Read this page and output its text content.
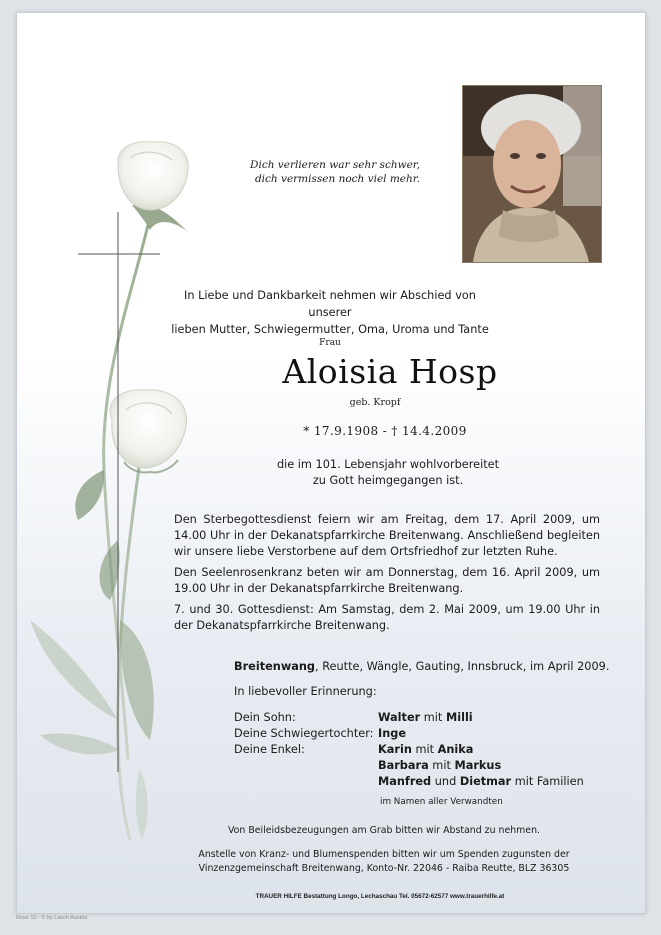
Dich verlieren war sehr schwer,
dich vermissen noch viel mehr.
In Liebe und Dankbarkeit nehmen wir Abschied von unserer
lieben Mutter, Schwiegermutter, Oma, Uroma und Tante
Frau
Aloisia Hosp
geb. Kropf
* 17.9.1908 - † 14.4.2009
die im 101. Lebensjahr wohlvorbereitet
zu Gott heimgegangen ist.
Den Sterbegottesdienst feiern wir am Freitag, dem 17. April 2009, um 14.00 Uhr in der Dekanatspfarrkirche Breitenwang. Anschließend begleiten wir unsere liebe Verstorbene auf dem Ortsfriedhof zur letzten Ruhe.
Den Seelenrosenkranz beten wir am Donnerstag, dem 16. April 2009, um 19.00 Uhr in der Dekanatspfarrkirche Breitenwang.
7. und 30. Gottesdienst: Am Samstag, dem 2. Mai 2009, um 19.00 Uhr in der Dekanatspfarrkirche Breitenwang.
Breitenwang, Reutte, Wängle, Gauting, Innsbruck, im April 2009.
In liebevoller Erinnerung:
Dein Sohn:	Walter mit Milli
Deine Schwiegertochter: Inge
Deine Enkel:	Karin mit Anika
Barbara mit Markus
Manfred und Dietmar mit Familien
im Namen aller Verwandten
Von Beileidsbezeugungen am Grab bitten wir Abstand zu nehmen.
Anstelle von Kranz- und Blumenspenden bitten wir um Spenden zugunsten der
Vinzenzgemeinschaft Breitenwang, Konto-Nr. 22046 - Raiba Reutte, BLZ 36305
TRAUER HILFE Bestattung Longo, Lechaschau Tel. 05672-62577 www.trauerhilfe.at
Rose 10 - © by Lasch Austria
